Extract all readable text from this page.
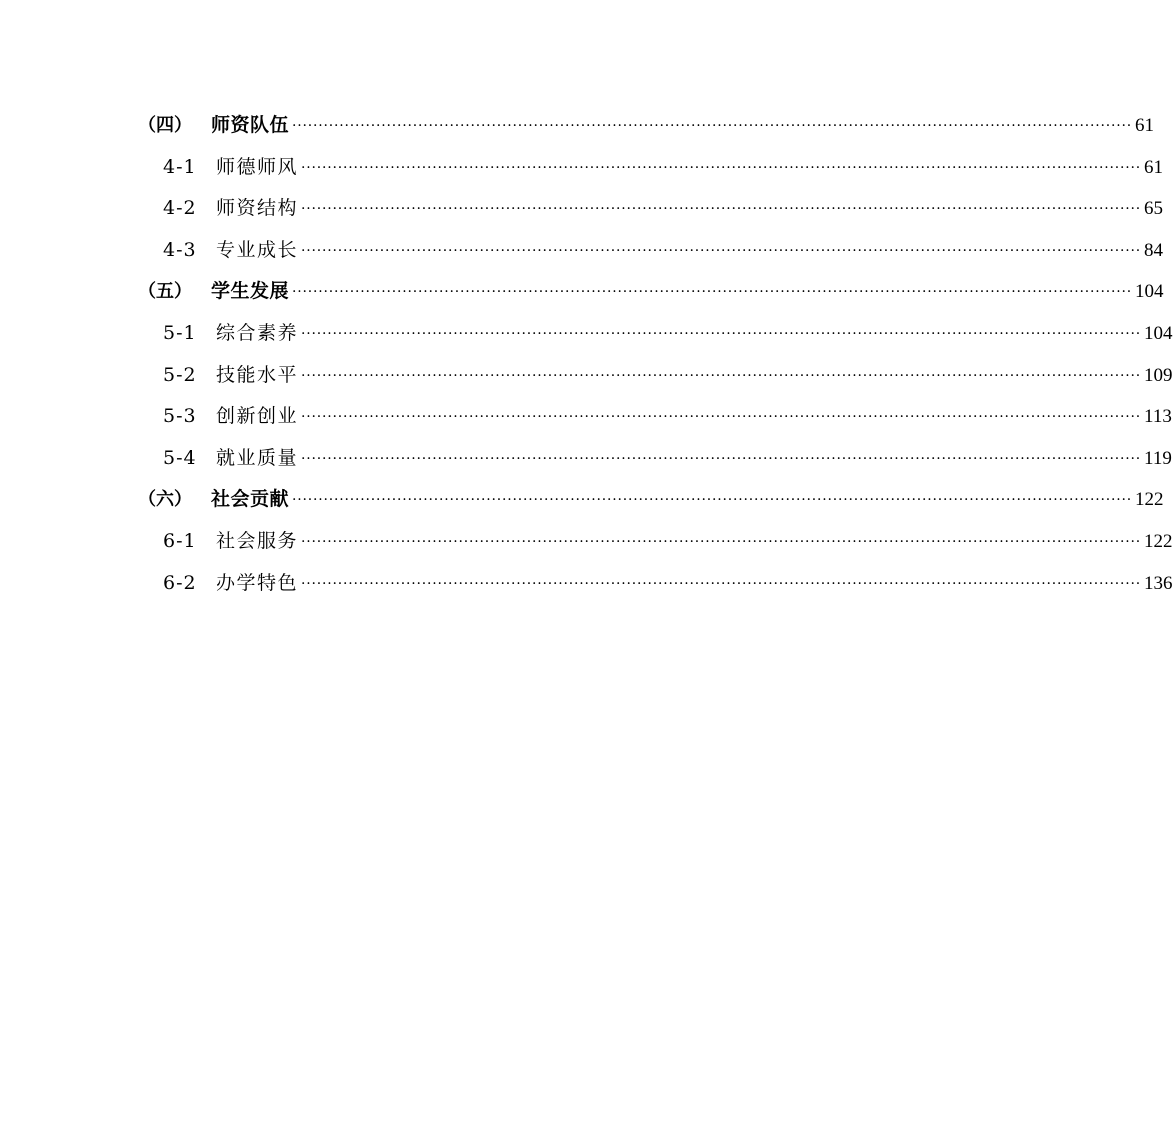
（四）	师资队伍 ································································································································································ 61
4-1	师德师风 ································································································································································ 61
4-2	师资结构 ································································································································································ 65
4-3	专业成长 ································································································································································ 84
（五）	学生发展 ································································································································································ 104
5-1	综合素养 ································································································································································ 104
5-2	技能水平 ································································································································································ 109
5-3	创新创业 ································································································································································ 113
5-4	就业质量 ································································································································································ 119
（六）	社会贡献 ································································································································································ 122
6-1	社会服务 ································································································································································ 122
6-2	办学特色 ································································································································································ 136
